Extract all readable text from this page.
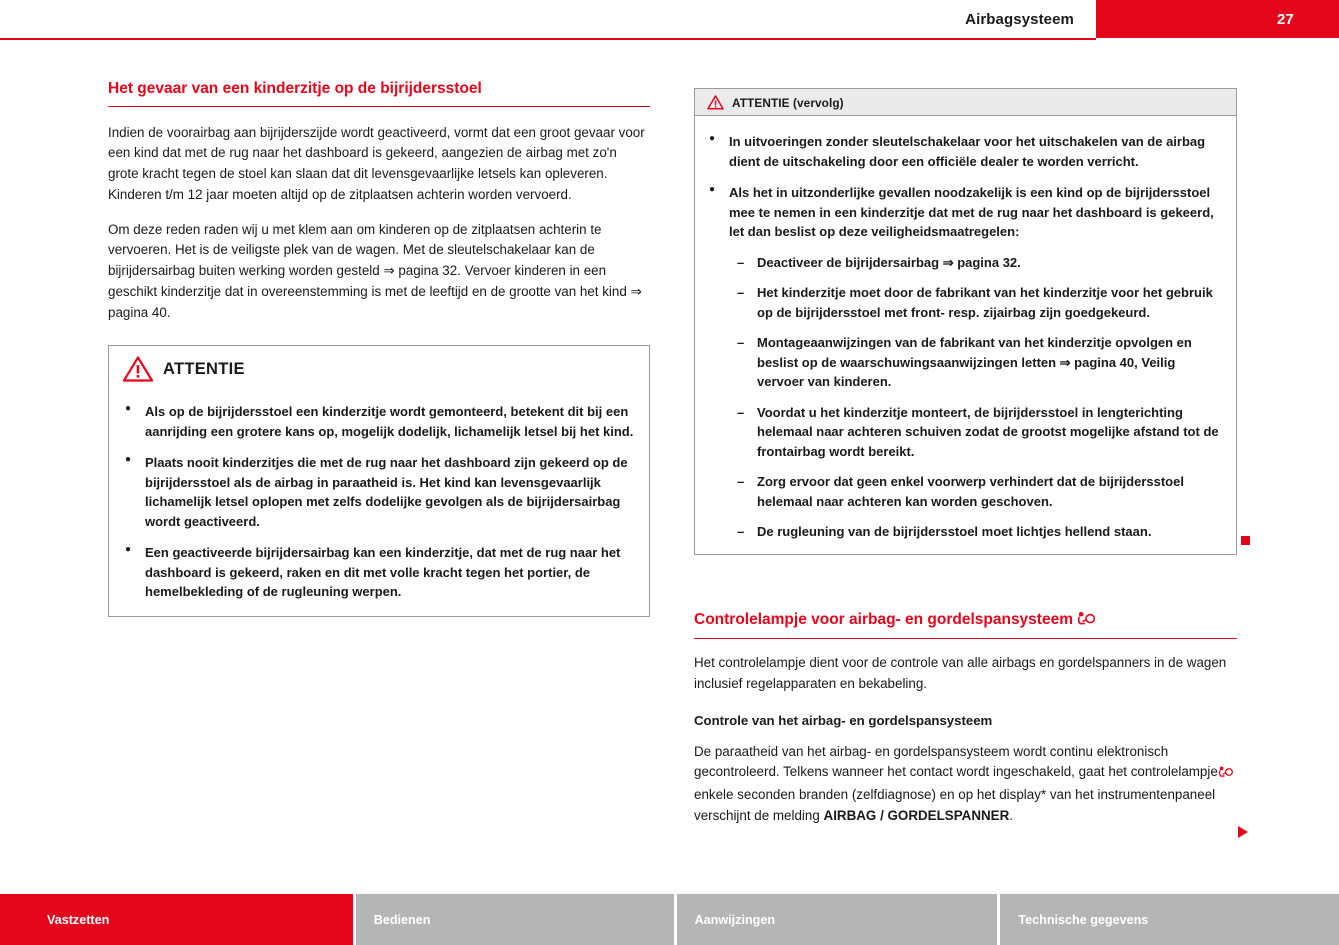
Airbagsysteem	27
Het gevaar van een kinderzitje op de bijrijdersstoel

Indien de voorairbag aan bijrijderszijde wordt geactiveerd, vormt dat een groot gevaar voor een kind dat met de rug naar het dashboard is gekeerd, aangezien de airbag met zo'n grote kracht tegen de stoel kan slaan dat dit levensgevaarlijke letsels kan opleveren. Kinderen t/m 12 jaar moeten altijd op de zitplaatsen achterin worden vervoerd.

Om deze reden raden wij u met klem aan om kinderen op de zitplaatsen achterin te vervoeren. Het is de veiligste plek van de wagen. Met de sleutelschakelaar kan de bijrijdersairbag buiten werking worden gesteld ⇒ pagina 32. Vervoer kinderen in een geschikt kinderzitje dat in overeenstemming is met de leeftijd en de grootte van het kind ⇒ pagina 40.

ATTENTIE
● Als op de bijrijdersstoel een kinderzitje wordt gemonteerd, betekent dit bij een aanrijding een grotere kans op, mogelijk dodelijk, lichamelijk letsel bij het kind.
● Plaats nooit kinderzitjes die met de rug naar het dashboard zijn gekeerd op de bijrijdersstoel als de airbag in paraatheid is. Het kind kan levensgevaarlijk lichamelijk letsel oplopen met zelfs dodelijke gevolgen als de bijrijdersairbag wordt geactiveerd.
● Een geactiveerde bijrijdersairbag kan een kinderzitje, dat met de rug naar het dashboard is gekeerd, raken en dit met volle kracht tegen het portier, de hemelbekleding of de rugleuning werpen.
ATTENTIE (vervolg)
● In uitvoeringen zonder sleutelschakelaar voor het uitschakelen van de airbag dient de uitschakeling door een officiële dealer te worden verricht.
● Als het in uitzonderlijke gevallen noodzakelijk is een kind op de bijrijdersstoel mee te nemen in een kinderzitje dat met de rug naar het dashboard is gekeerd, let dan beslist op deze veiligheidsmaatregelen:
– Deactiveer de bijrijdersairbag ⇒ pagina 32.
– Het kinderzitje moet door de fabrikant van het kinderzitje voor het gebruik op de bijrijdersstoel met front- resp. zijairbag zijn goedgekeurd.
– Montageaanwijzingen van de fabrikant van het kinderzitje opvolgen en beslist op de waarschuwingsaanwijzingen letten ⇒ pagina 40, Veilig vervoer van kinderen.
– Voordat u het kinderzitje monteert, de bijrijdersstoel in lengterichting helemaal naar achteren schuiven zodat de grootst mogelijke afstand tot de frontairbag wordt bereikt.
– Zorg ervoor dat geen enkel voorwerp verhindert dat de bijrijdersstoel helemaal naar achteren kan worden geschoven.
– De rugleuning van de bijrijdersstoel moet lichtjes hellend staan.
Controlelampje voor airbag- en gordelspansysteem

Het controlelampje dient voor de controle van alle airbags en gordelspanners in de wagen inclusief regelapparaten en bekabeling.

Controle van het airbag- en gordelspansysteem

De paraatheid van het airbag- en gordelspansysteem wordt continu elektronisch gecontroleerd. Telkens wanneer het contact wordt ingeschakeld, gaat het controlelampjeenkele seconden branden (zelfdiagnose) en op het display* van het instrumentenpaneel verschijnt de melding AIRBAG / GORDELSPANNER.

Vastzetten	Bedienen	Aanwijzingen	Technische gegevens
